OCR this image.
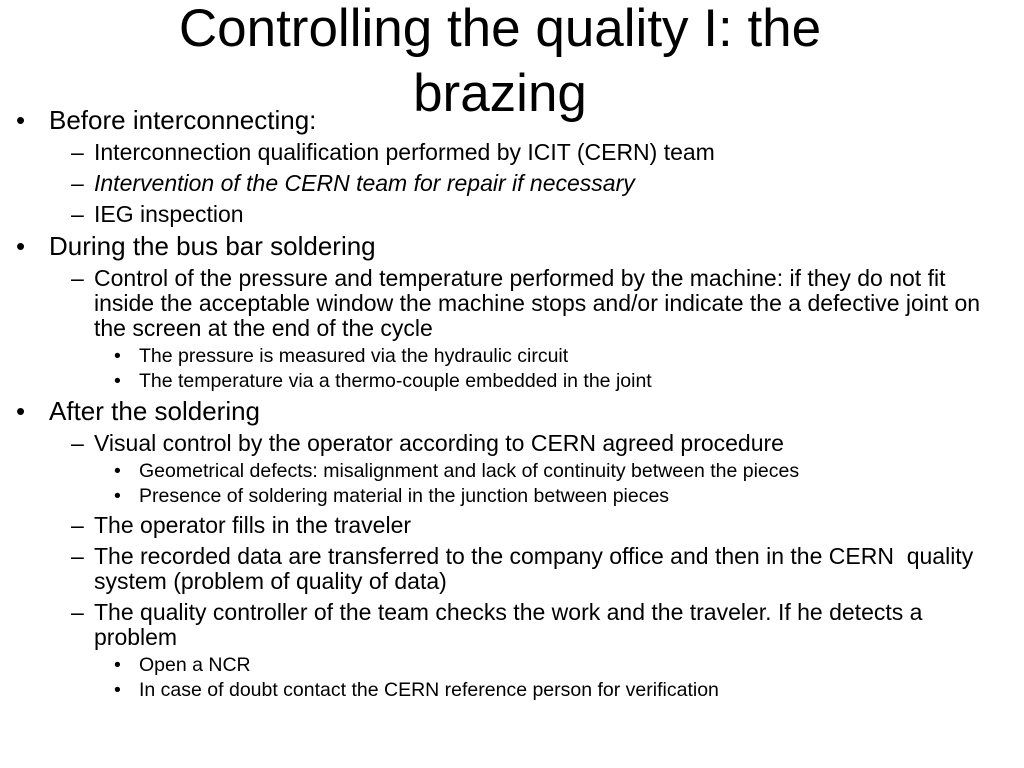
Controlling the quality I: the brazing
• Before interconnecting:
– Interconnection qualification performed by ICIT (CERN) team
– Intervention of the CERN team for repair if necessary
– IEG inspection
• During the bus bar soldering
– Control of the pressure and temperature performed by the machine: if they do not fit inside the acceptable window the machine stops and/or indicate the a defective joint on the screen at the end of the cycle
• The pressure is measured via the hydraulic circuit
• The temperature via a thermo-couple embedded in the joint
• After the soldering
– Visual control by the operator according to CERN agreed procedure
• Geometrical defects: misalignment and lack of continuity between the pieces
• Presence of soldering material in the junction between pieces
– The operator fills in the traveler
– The recorded data are transferred to the company office and then in the CERN  quality system (problem of quality of data)
– The quality controller of the team checks the work and the traveler. If he detects a problem
• Open a NCR
• In case of doubt contact the CERN reference person for verification
